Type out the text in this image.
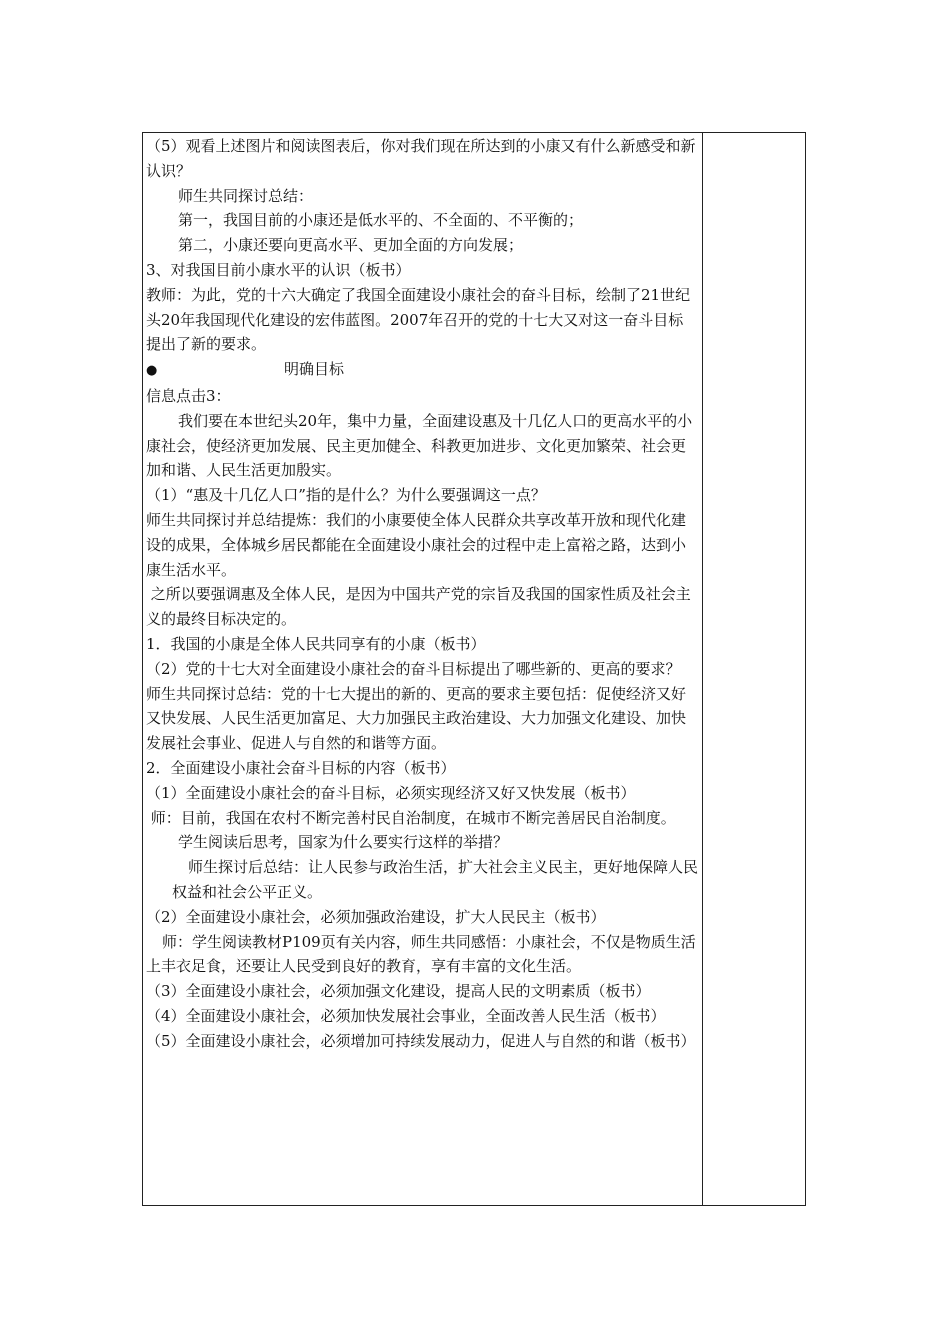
（5）观看上述图片和阅读图表后，你对我们现在所达到的小康又有什么新感受和新认识？

师生共同探讨总结：

第一，我国目前的小康还是低水平的、不全面的、不平衡的；

第二，小康还要向更高水平、更加全面的方向发展；

3、对我国目前小康水平的认识（板书）

教师：为此，党的十六大确定了我国全面建设小康社会的奋斗目标，绘制了21世纪头20年我国现代化建设的宏伟蓝图。2007年召开的党的十七大又对这一奋斗目标提出了新的要求。

●	明确目标

信息点击3：

我们要在本世纪头20年，集中力量，全面建设惠及十几亿人口的更高水平的小康社会，使经济更加发展、民主更加健全、科教更加进步、文化更加繁荣、社会更加和谐、人民生活更加殷实。

（1）“惠及十几亿人口”指的是什么？为什么要强调这一点？

师生共同探讨并总结提炼：我们的小康要使全体人民群众共享改革开放和现代化建设的成果，全体城乡居民都能在全面建设小康社会的过程中走上富裕之路，达到小康生活水平。

之所以要强调惠及全体人民，是因为中国共产党的宗旨及我国的国家性质及社会主义的最终目标决定的。

1．我国的小康是全体人民共同享有的小康（板书）

（2）党的十七大对全面建设小康社会的奋斗目标提出了哪些新的、更高的要求？

师生共同探讨总结：党的十七大提出的新的、更高的要求主要包括：促使经济又好又快发展、人民生活更加富足、大力加强民主政治建设、大力加强文化建设、加快发展社会事业、促进人与自然的和谐等方面。

2．全面建设小康社会奋斗目标的内容（板书）

（1）全面建设小康社会的奋斗目标，必须实现经济又好又快发展（板书）

师：目前，我国在农村不断完善村民自治制度，在城市不断完善居民自治制度。

学生阅读后思考，国家为什么要实行这样的举措？

师生探讨后总结：让人民参与政治生活，扩大社会主义民主，更好地保障人民权益和社会公平正义。

（2）全面建设小康社会，必须加强政治建设，扩大人民民主（板书）

师：学生阅读教材P109页有关内容，师生共同感悟：小康社会，不仅是物质生活上丰衣足食，还要让人民受到良好的教育，享有丰富的文化生活。

（3）全面建设小康社会，必须加强文化建设，提高人民的文明素质（板书）

（4）全面建设小康社会，必须加快发展社会事业，全面改善人民生活（板书）

（5）全面建设小康社会，必须增加可持续发展动力，促进人与自然的和谐（板书）
